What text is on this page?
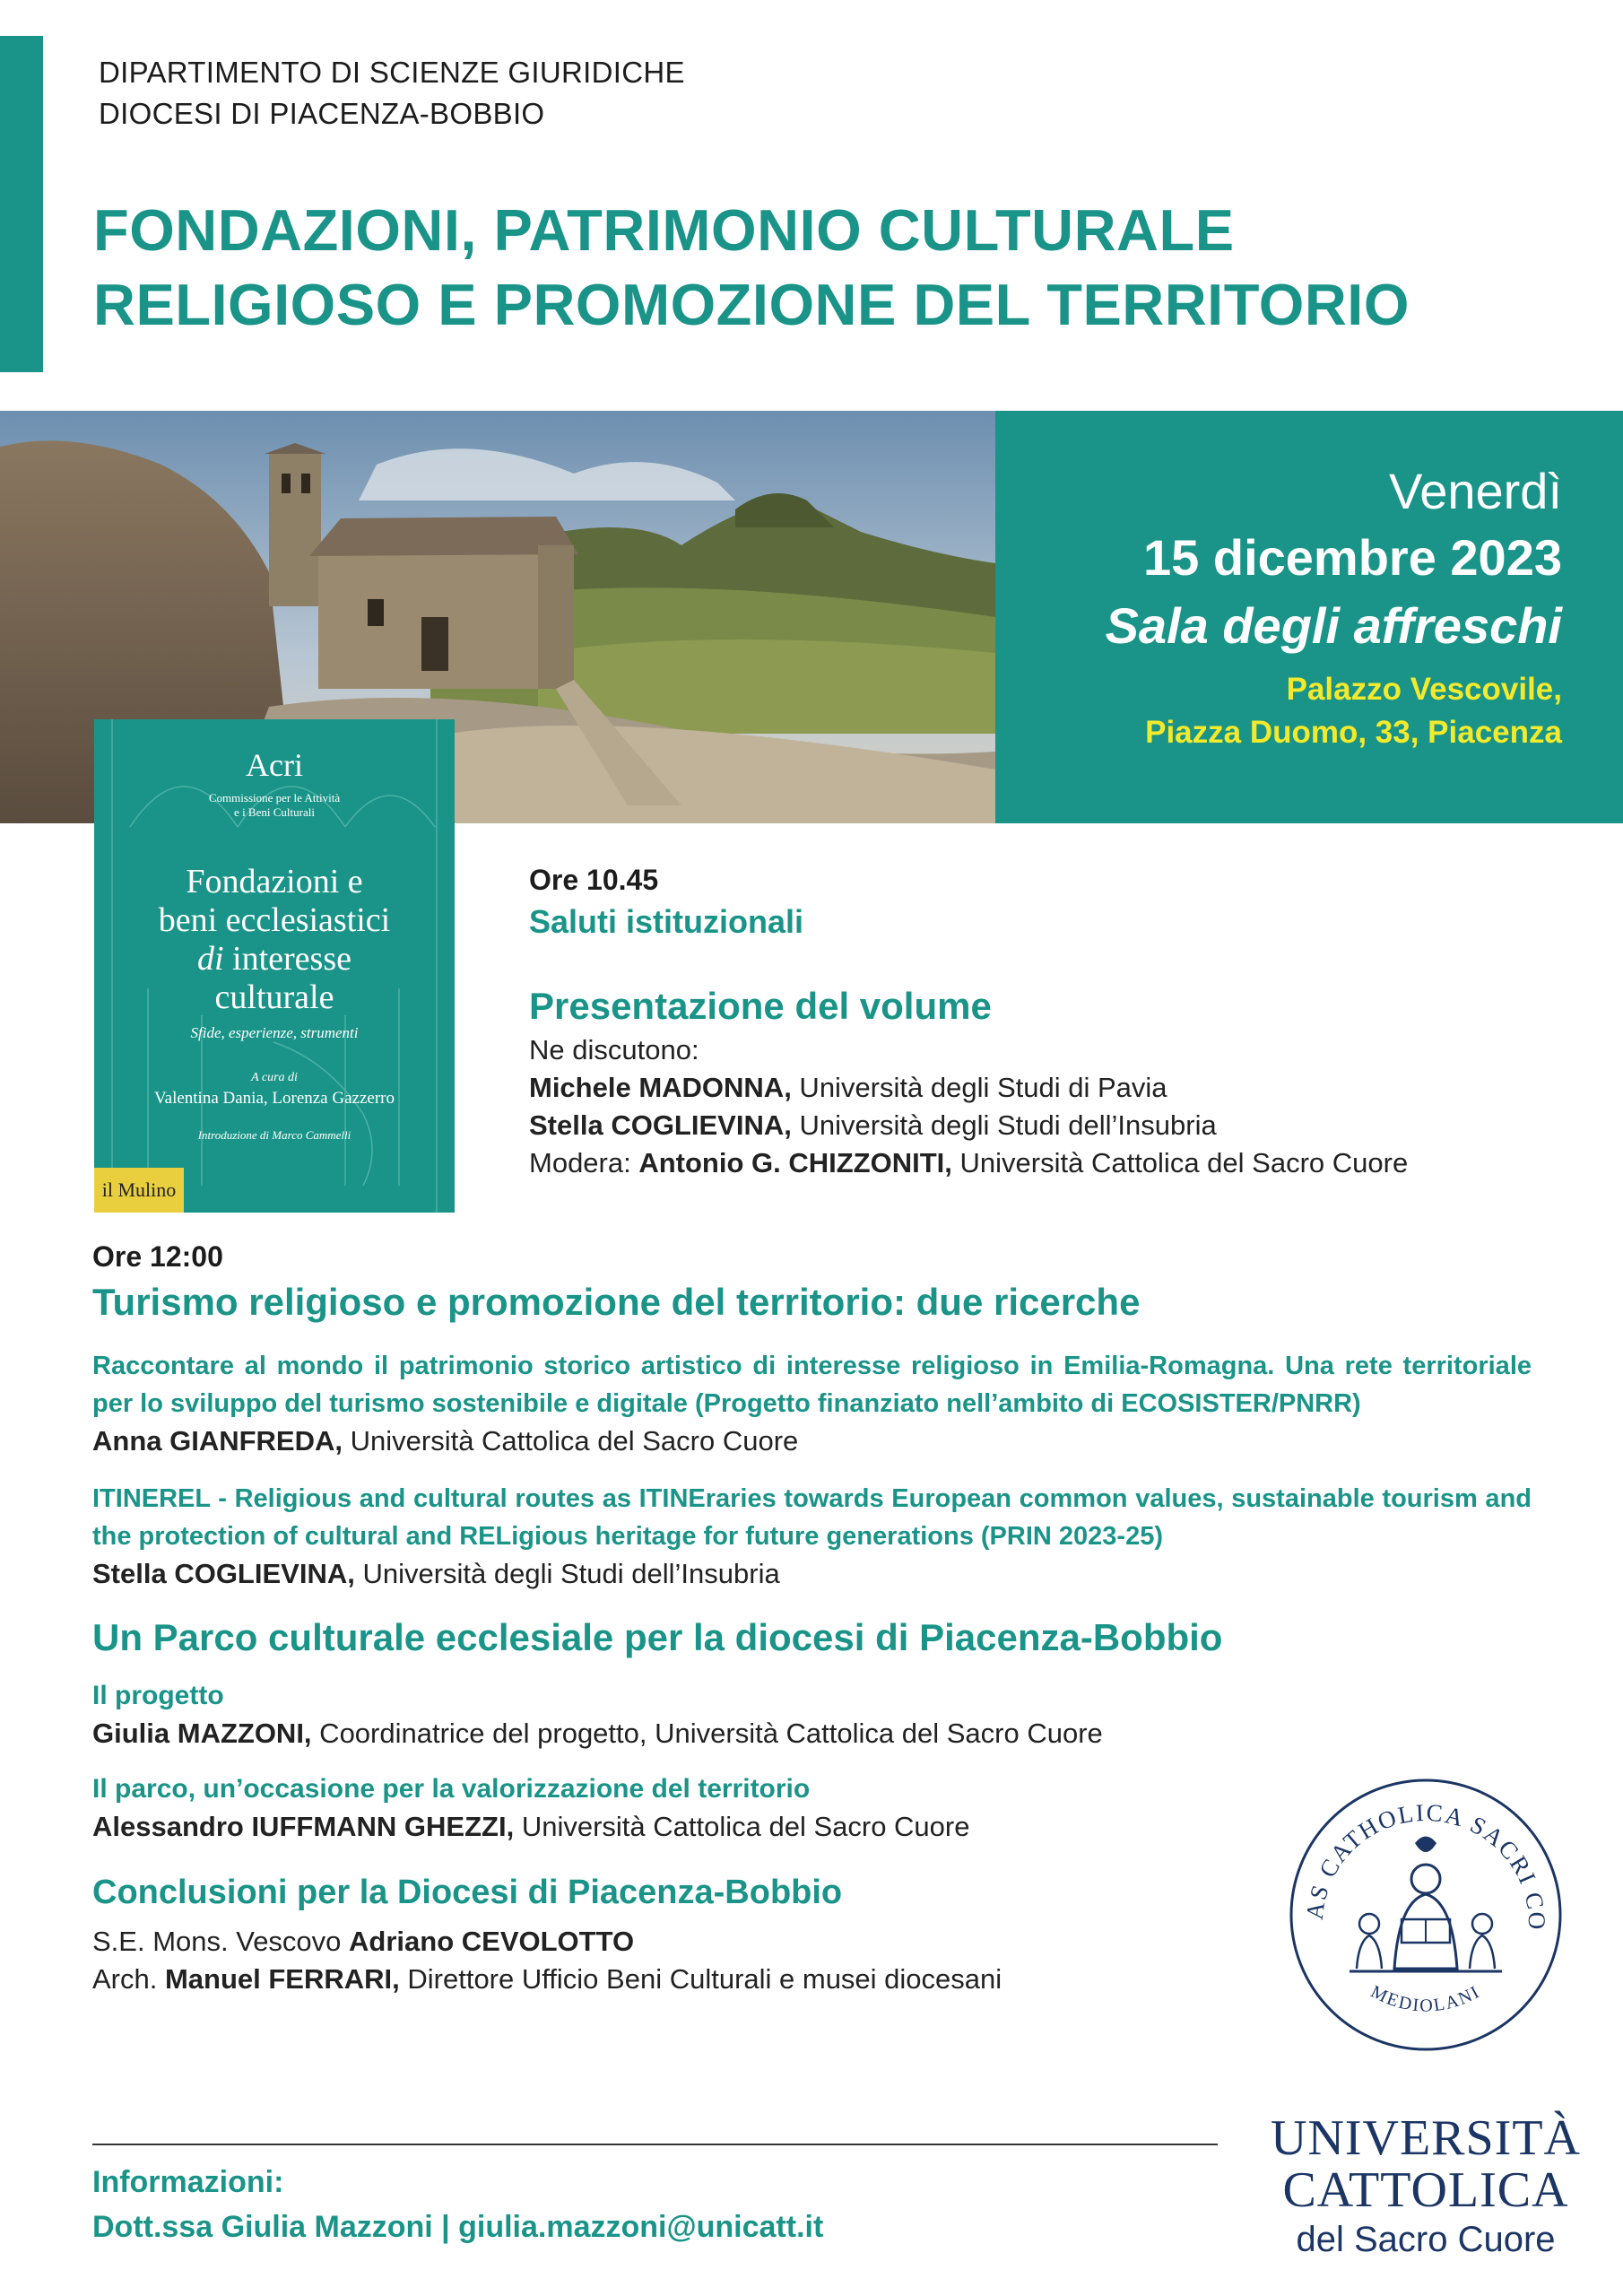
DIPARTIMENTO DI SCIENZE GIURIDICHE
DIOCESI DI PIACENZA-BOBBIO
FONDAZIONI, PATRIMONIO CULTURALE
RELIGIOSO E PROMOZIONE DEL TERRITORIO
Venerdì
15 dicembre 2023
Sala degli affreschi
Palazzo Vescovile,
Piazza Duomo, 33, Piacenza
Acri
Commissione per le Attività
e i Beni Culturali
Fondazioni e
beni ecclesiastici
di interesse
culturale
Sfide, esperienze, strumenti
A cura di
Valentina Dania, Lorenza Gazzerro
Introduzione di Marco Cammelli
il Mulino
Ore 10.45
Saluti istituzionali
Presentazione del volume
Ne discutono:
Michele MADONNA, Università degli Studi di Pavia
Stella COGLIEVINA, Università degli Studi dell’Insubria
Modera: Antonio G. CHIZZONITI, Università Cattolica del Sacro Cuore
Ore 12:00
Turismo religioso e promozione del territorio: due ricerche
Raccontare al mondo il patrimonio storico artistico di interesse religioso in Emilia-Romagna. Una rete territoriale per lo sviluppo del turismo sostenibile e digitale (Progetto finanziato nell’ambito di ECOSISTER/PNRR)
Anna GIANFREDA, Università Cattolica del Sacro Cuore
ITINEREL - Religious and cultural routes as ITINEraries towards European common values, sustainable tourism and the protection of cultural and RELigious heritage for future generations (PRIN 2023-25)
Stella COGLIEVINA, Università degli Studi dell’Insubria
Un Parco culturale ecclesiale per la diocesi di Piacenza-Bobbio
Il progetto
Giulia MAZZONI, Coordinatrice del progetto, Università Cattolica del Sacro Cuore
Il parco, un’occasione per la valorizzazione del territorio
Alessandro IUFFMANN GHEZZI, Università Cattolica del Sacro Cuore
Conclusioni per la Diocesi di Piacenza-Bobbio
S.E. Mons. Vescovo Adriano CEVOLOTTO
Arch. Manuel FERRARI, Direttore Ufficio Beni Culturali e musei diocesani
Informazioni:
Dott.ssa Giulia Mazzoni | giulia.mazzoni@unicatt.it
AS CATHOLICA SACRI CO
MEDIOLANI
UNIVERSITÀ
CATTOLICA
del Sacro Cuore
